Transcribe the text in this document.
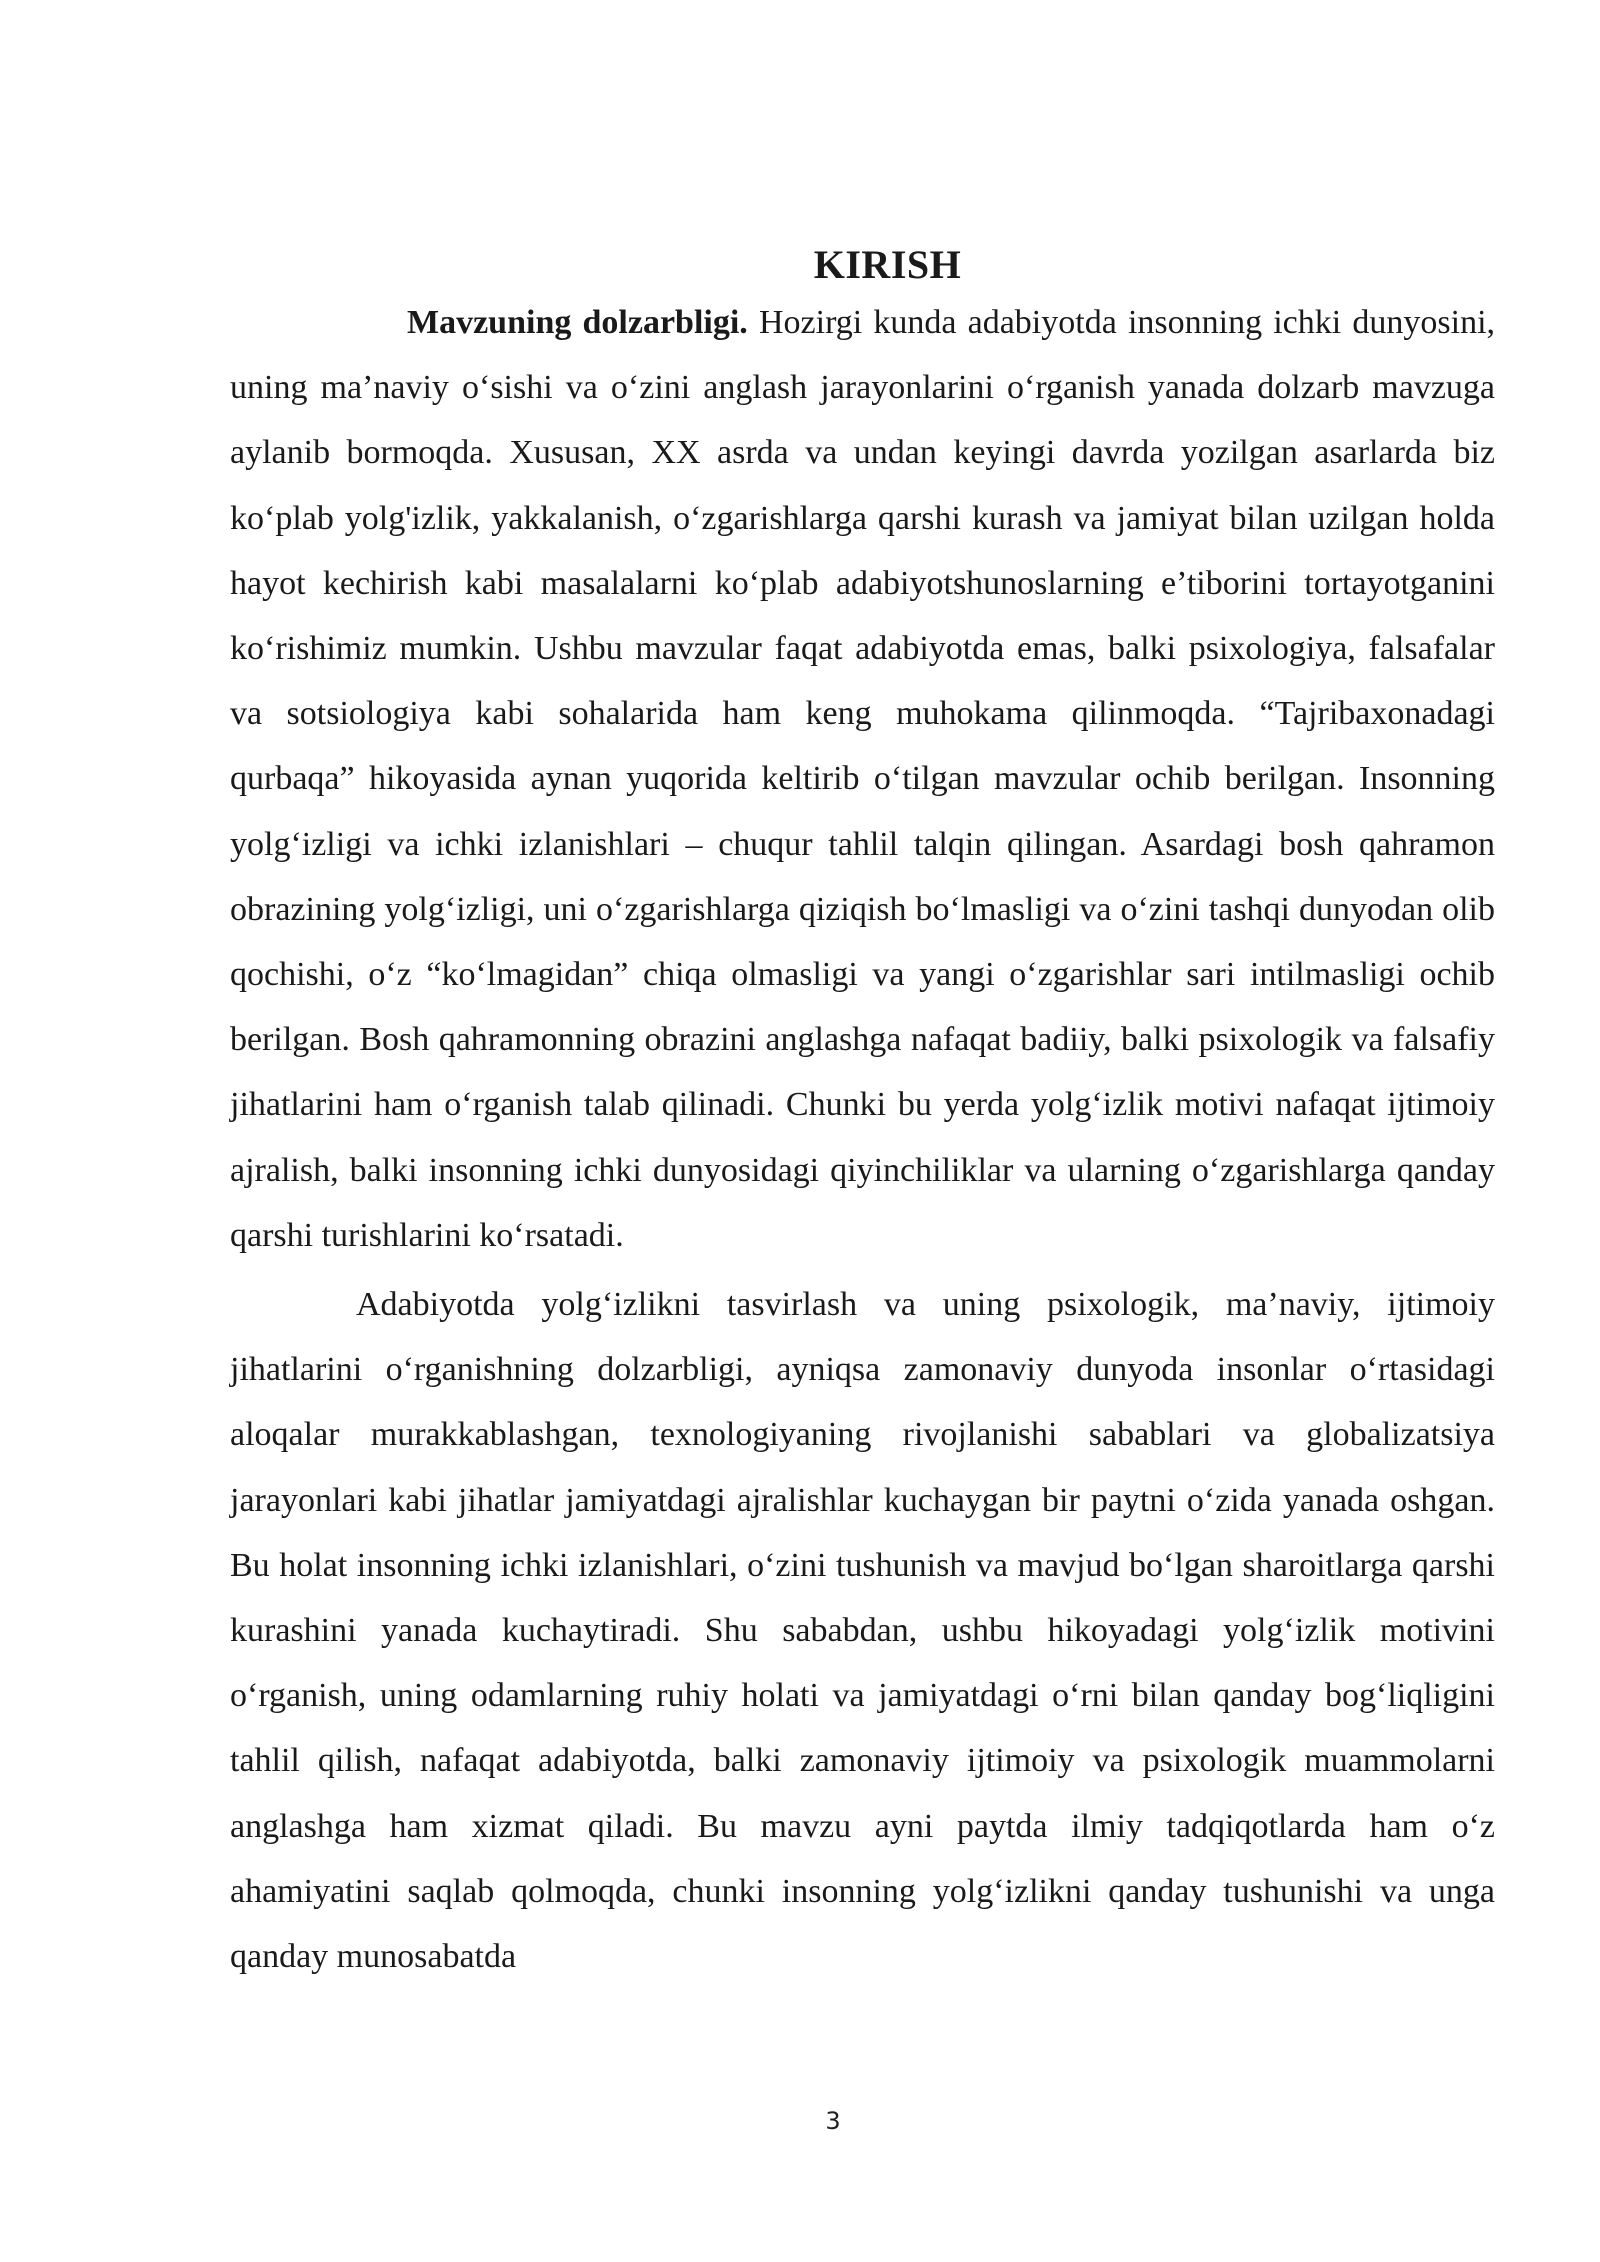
KIRISH

Mavzuning dolzarbligi. Hozirgi kunda adabiyotda insonning ichki dunyosini, uning ma’naviy o‘sishi va o‘zini anglash jarayonlarini o‘rganish yanada dolzarb mavzuga aylanib bormoqda. Xususan, XX asrda va undan keyingi davrda yozilgan asarlarda biz ko‘plab yolg'izlik, yakkalanish, o‘zgarishlarga qarshi kurash va jamiyat bilan uzilgan holda hayot kechirish kabi masalalarni ko‘plab adabiyotshunoslarning e’tiborini tortayotganini ko‘rishimiz mumkin. Ushbu mavzular faqat adabiyotda emas, balki psixologiya, falsafalar va sotsiologiya kabi sohalarida ham keng muhokama qilinmoqda. “Tajribaxonadagi qurbaqa” hikoyasida aynan yuqorida keltirib o‘tilgan mavzular ochib berilgan. Insonning yolg‘izligi va ichki izlanishlari – chuqur tahlil talqin qilingan. Asardagi bosh qahramon obrazining yolg‘izligi, uni o‘zgarishlarga qiziqish bo‘lmasligi va o‘zini tashqi dunyodan olib qochishi, o‘z “ko‘lmagidan” chiqa olmasligi va yangi o‘zgarishlar sari intilmasligi ochib berilgan. Bosh qahramonning obrazini anglashga nafaqat badiiy, balki psixologik va falsafiy jihatlarini ham o‘rganish talab qilinadi. Chunki bu yerda yolg‘izlik motivi nafaqat ijtimoiy ajralish, balki insonning ichki dunyosidagi qiyinchiliklar va ularning o‘zgarishlarga qanday qarshi turishlarini ko‘rsatadi.

Adabiyotda yolg‘izlikni tasvirlash va uning psixologik, ma’naviy, ijtimoiy jihatlarini o‘rganishning dolzarbligi, ayniqsa zamonaviy dunyoda insonlar o‘rtasidagi aloqalar murakkablashgan, texnologiyaning rivojlanishi sabablari va globalizatsiya jarayonlari kabi jihatlar jamiyatdagi ajralishlar kuchaygan bir paytni o‘zida yanada oshgan. Bu holat insonning ichki izlanishlari, o‘zini tushunish va mavjud bo‘lgan sharoitlarga qarshi kurashini yanada kuchaytiradi. Shu sababdan, ushbu hikoyadagi yolg‘izlik motivini o‘rganish, uning odamlarning ruhiy holati va jamiyatdagi o‘rni bilan qanday bog‘liqligini tahlil qilish, nafaqat adabiyotda, balki zamonaviy ijtimoiy va psixologik muammolarni anglashga ham xizmat qiladi. Bu mavzu ayni paytda ilmiy tadqiqotlarda ham o‘z ahamiyatini saqlab qolmoqda, chunki insonning yolg‘izlikni qanday tushunishi va unga qanday munosabatda

3
